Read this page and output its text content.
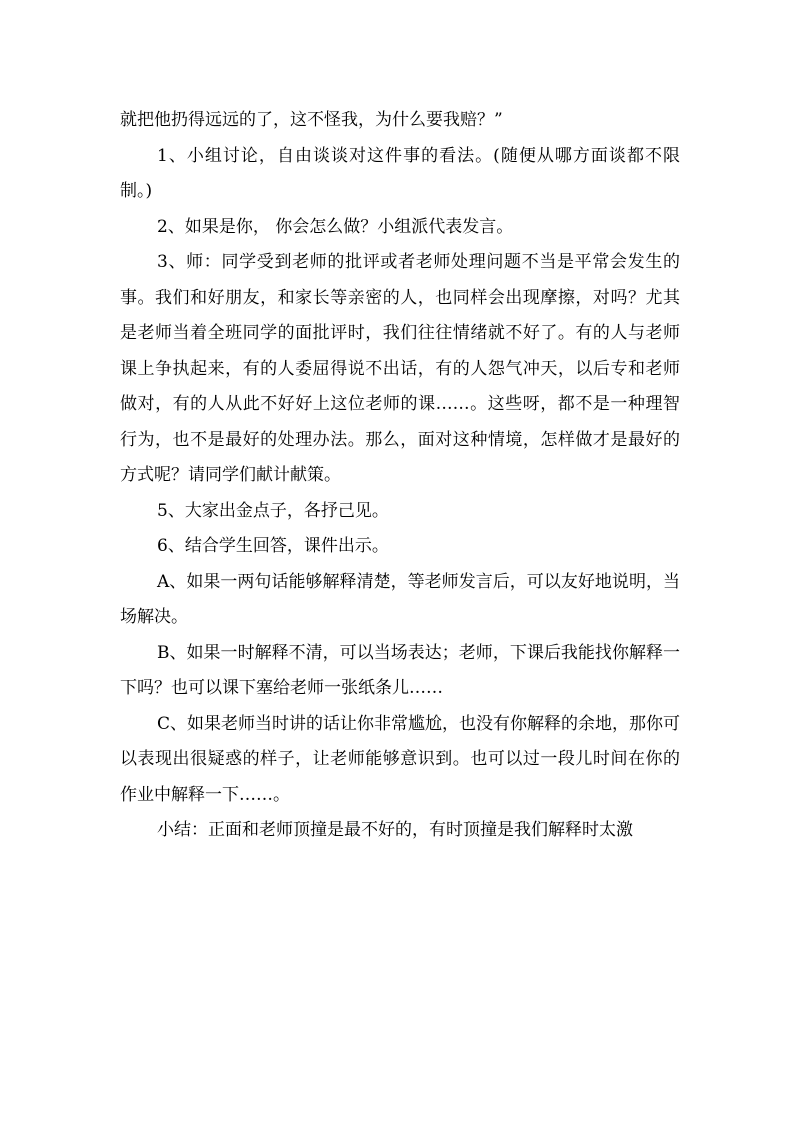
就把他扔得远远的了，这不怪我，为什么要我赔？”

1、小组讨论，自由谈谈对这件事的看法。(随便从哪方面谈都不限制。)

2、如果是你， 你会怎么做？小组派代表发言。

3、师：同学受到老师的批评或者老师处理问题不当是平常会发生的事。我们和好朋友，和家长等亲密的人，也同样会出现摩擦，对吗？尤其是老师当着全班同学的面批评时，我们往往情绪就不好了。有的人与老师课上争执起来，有的人委屈得说不出话，有的人怨气冲天，以后专和老师做对，有的人从此不好好上这位老师的课……。这些呀，都不是一种理智行为，也不是最好的处理办法。那么，面对这种情境，怎样做才是最好的方式呢？请同学们献计献策。

5、大家出金点子，各抒己见。

6、结合学生回答，课件出示。

A、如果一两句话能够解释清楚，等老师发言后，可以友好地说明，当场解决。

B、如果一时解释不清，可以当场表达；老师，下课后我能找你解释一下吗？也可以课下塞给老师一张纸条儿……

C、如果老师当时讲的话让你非常尴尬，也没有你解释的余地，那你可以表现出很疑惑的样子，让老师能够意识到。也可以过一段儿时间在你的作业中解释一下……。

小结：正面和老师顶撞是最不好的，有时顶撞是我们解释时太激
